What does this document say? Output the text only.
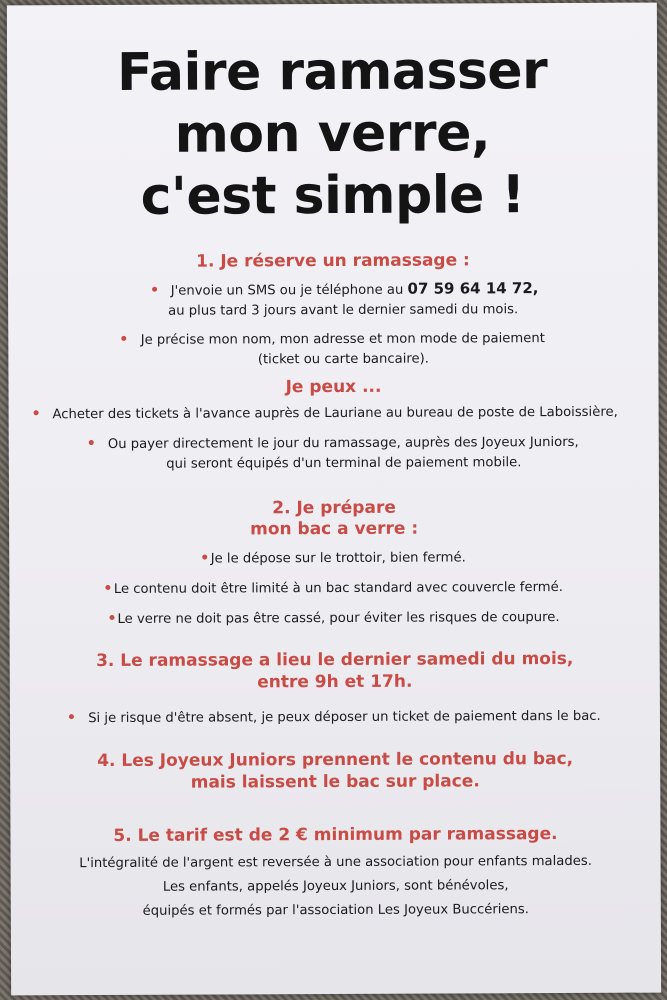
Faire ramasser
mon verre,
c'est simple !
1. Je réserve un ramassage :
J'envoie un SMS ou je téléphone au 07 59 64 14 72,
au plus tard 3 jours avant le dernier samedi du mois.
Je précise mon nom, mon adresse et mon mode de paiement
(ticket ou carte bancaire).
Je peux ...
Acheter des tickets à l'avance auprès de Lauriane au bureau de poste de Laboissière,
Ou payer directement le jour du ramassage, auprès des Joyeux Juniors,
qui seront équipés d'un terminal de paiement mobile.
2. Je prépare
mon bac a verre :
Je le dépose sur le trottoir, bien fermé.
Le contenu doit être limité à un bac standard avec couvercle fermé.
Le verre ne doit pas être cassé, pour éviter les risques de coupure.
3. Le ramassage a lieu le dernier samedi du mois,
entre 9h et 17h.
Si je risque d'être absent, je peux déposer un ticket de paiement dans le bac.
4. Les Joyeux Juniors prennent le contenu du bac,
mais laissent le bac sur place.
5. Le tarif est de 2 € minimum par ramassage.
L'intégralité de l'argent est reversée à une association pour enfants malades.
Les enfants, appelés Joyeux Juniors, sont bénévoles,
équipés et formés par l'association Les Joyeux Buccériens.
